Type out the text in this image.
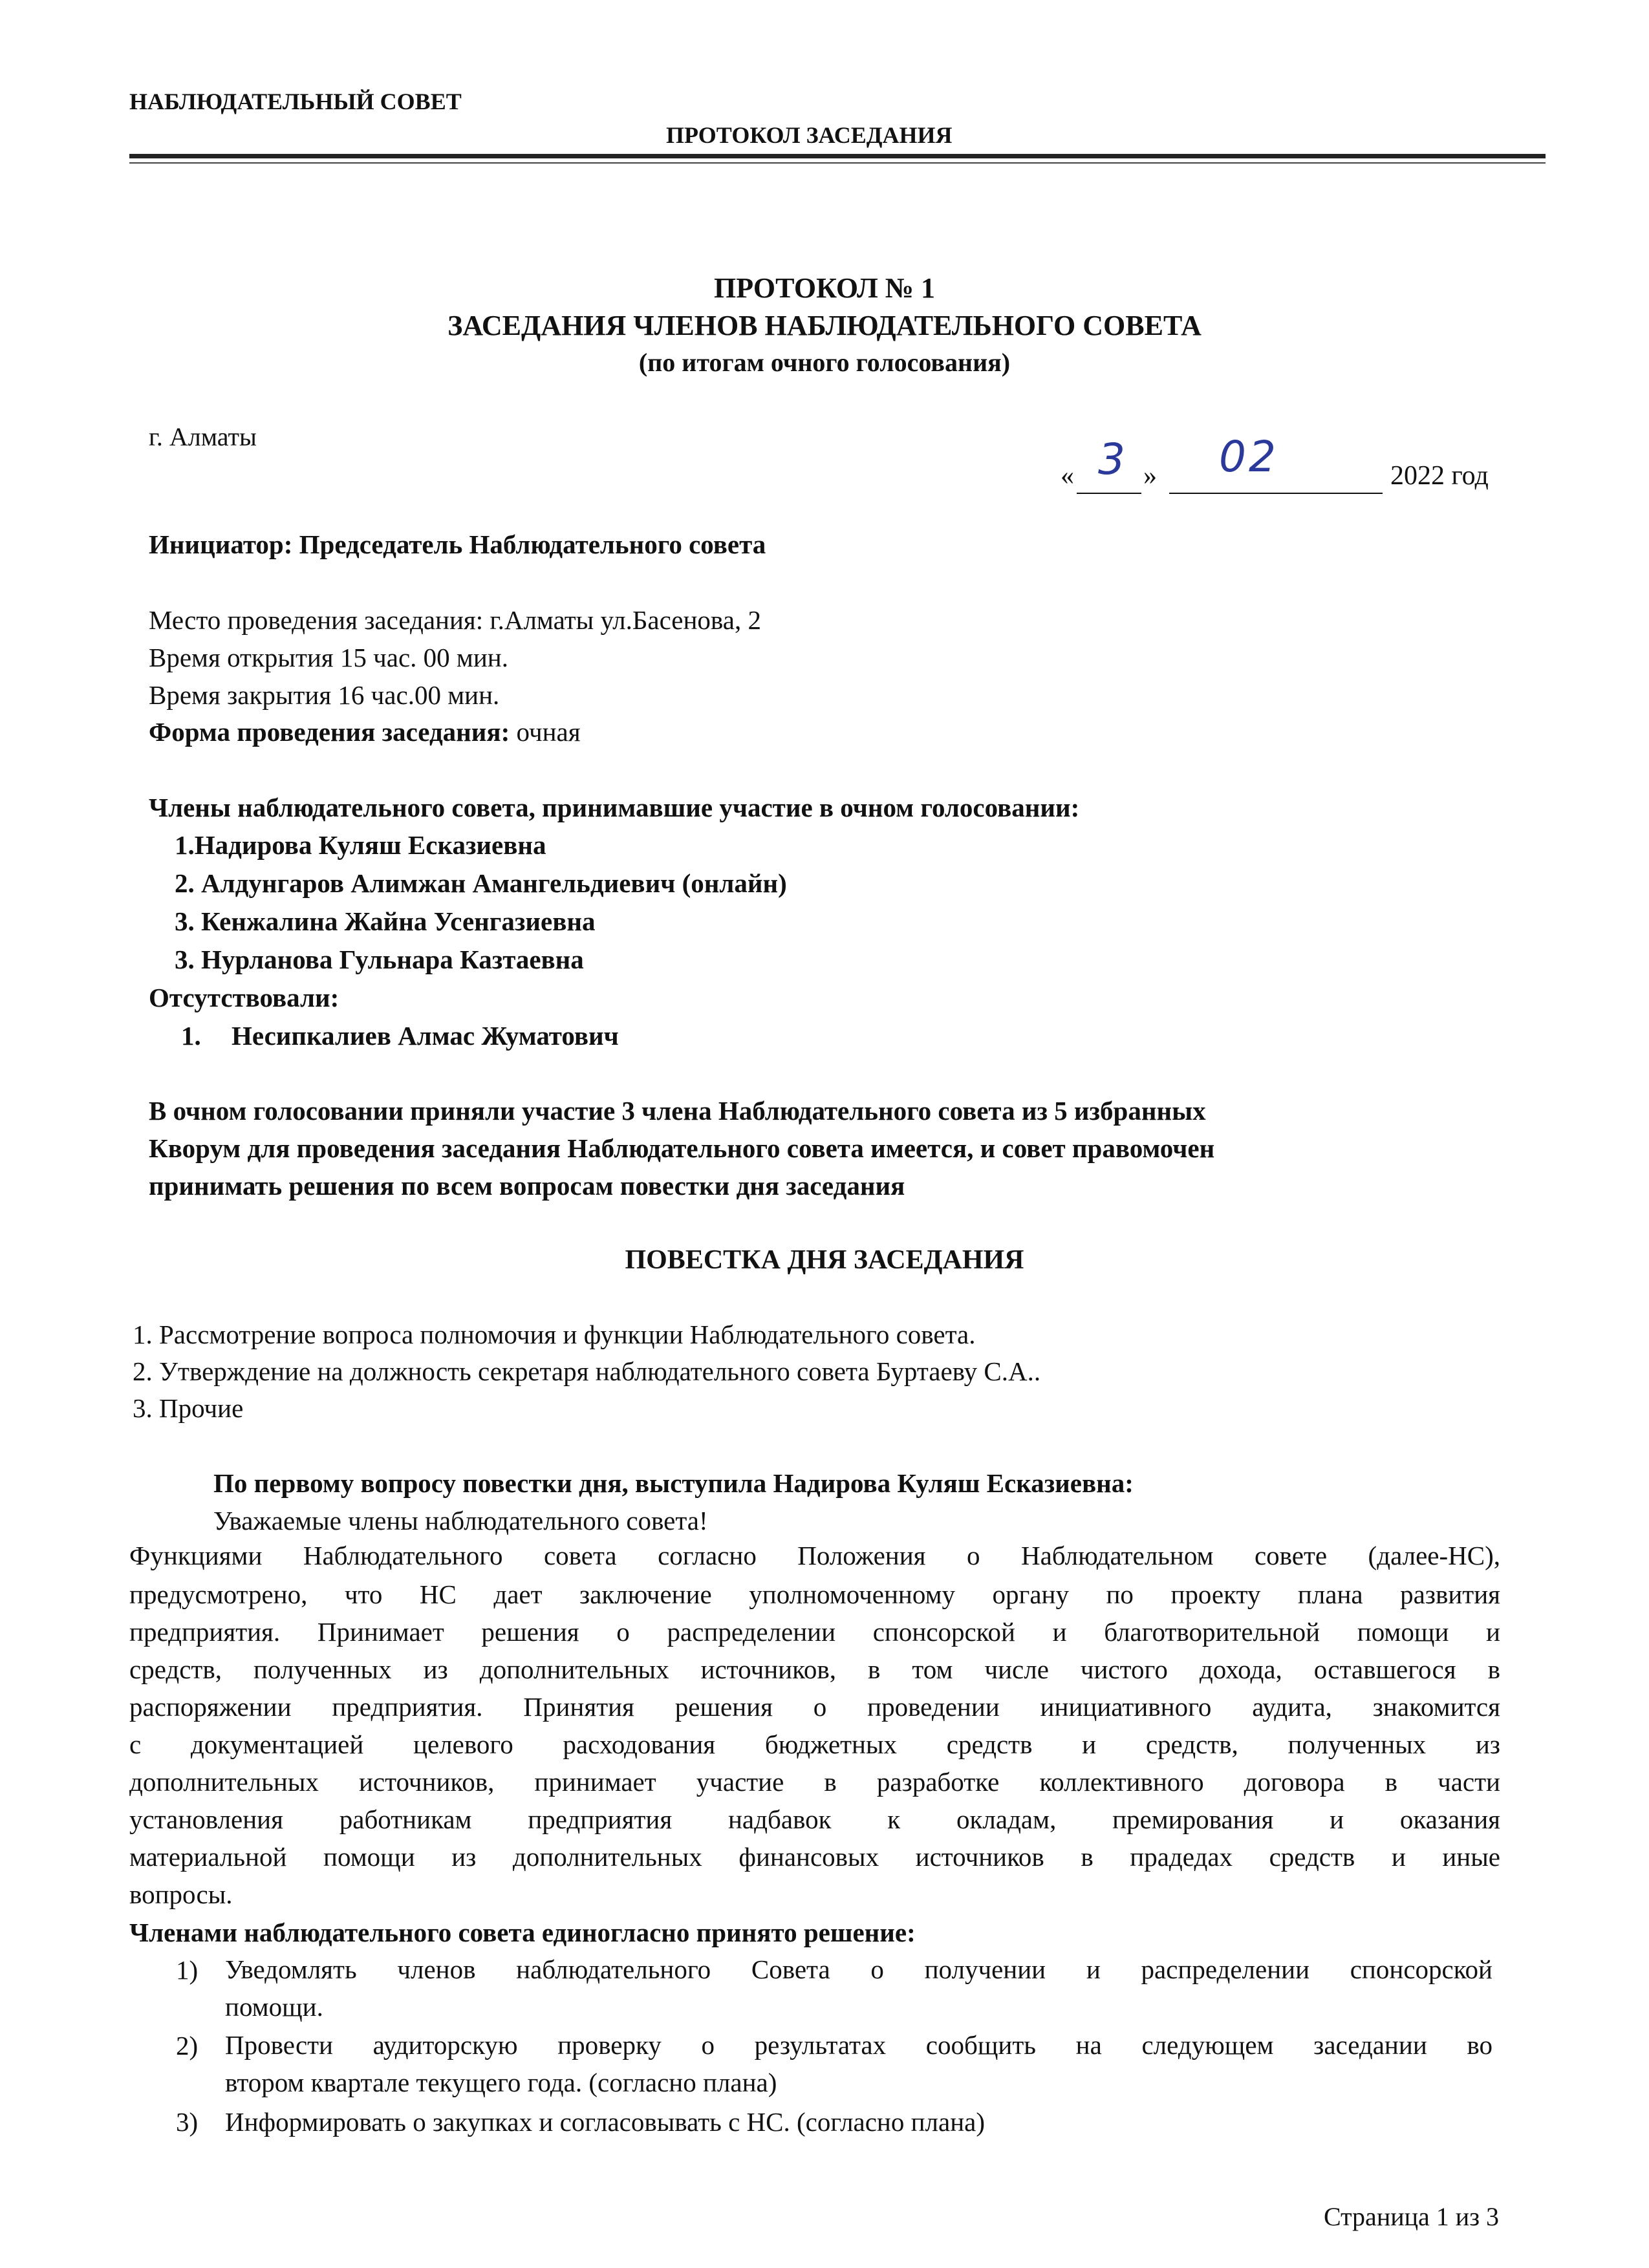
НАБЛЮДАТЕЛЬНЫЙ СОВЕТ
ПРОТОКОЛ ЗАСЕДАНИЯ
ПРОТОКОЛ № 1
ЗАСЕДАНИЯ ЧЛЕНОВ НАБЛЮДАТЕЛЬНОГО СОВЕТА
(по итогам очного голосования)
г. Алматы
« 3 » 02	2022 год
Инициатор: Председатель Наблюдательного совета
Место проведения заседания: г.Алматы ул.Басенова, 2
Время открытия 15 час. 00 мин.
Время закрытия 16 час.00 мин.
Форма проведения заседания: очная
Члены наблюдательного совета, принимавшие участие в очном голосовании:
1.Надирова Куляш Есказиевна
2. Алдунгаров Алимжан Амангельдиевич (онлайн)
3. Кенжалина Жайна Усенгазиевна
3. Нурланова Гульнара Казтаевна
Отсутствовали:
1. Несипкалиев Алмас Жуматович
В очном голосовании приняли участие 3 члена Наблюдательного совета из 5 избранных
Кворум для проведения заседания Наблюдательного совета имеется, и совет правомочен
принимать решения по всем вопросам повестки дня заседания
ПОВЕСТКА ДНЯ ЗАСЕДАНИЯ
1. Рассмотрение вопроса полномочия и функции Наблюдательного совета.
2. Утверждение на должность секретаря наблюдательного совета Буртаеву С.А..
3. Прочие
По первому вопросу повестки дня, выступила Надирова Куляш Есказиевна:
Уважаемые члены наблюдательного совета!
Функциями Наблюдательного совета согласно Положения о Наблюдательном совете (далее-НС),
предусмотрено, что НС дает заключение уполномоченному органу по проекту плана развития
предприятия. Принимает решения о распределении спонсорской и благотворительной помощи и
средств, полученных из дополнительных источников, в том числе чистого дохода, оставшегося в
распоряжении предприятия. Принятия решения о проведении инициативного аудита, знакомится
с документацией целевого расходования бюджетных средств и средств, полученных из
дополнительных источников, принимает участие в разработке коллективного договора в части
установления работникам предприятия надбавок к окладам, премирования и оказания
материальной помощи из дополнительных финансовых источников в прадедах средств и иные
вопросы.
Членами наблюдательного совета единогласно принято решение:
1) Уведомлять членов наблюдательного Совета о получении и распределении спонсорской
помощи.
2) Провести аудиторскую проверку о результатах сообщить на следующем заседании во
втором квартале текущего года. (согласно плана)
3) Информировать о закупках и согласовывать с НС. (согласно плана)
Страница 1 из 3
